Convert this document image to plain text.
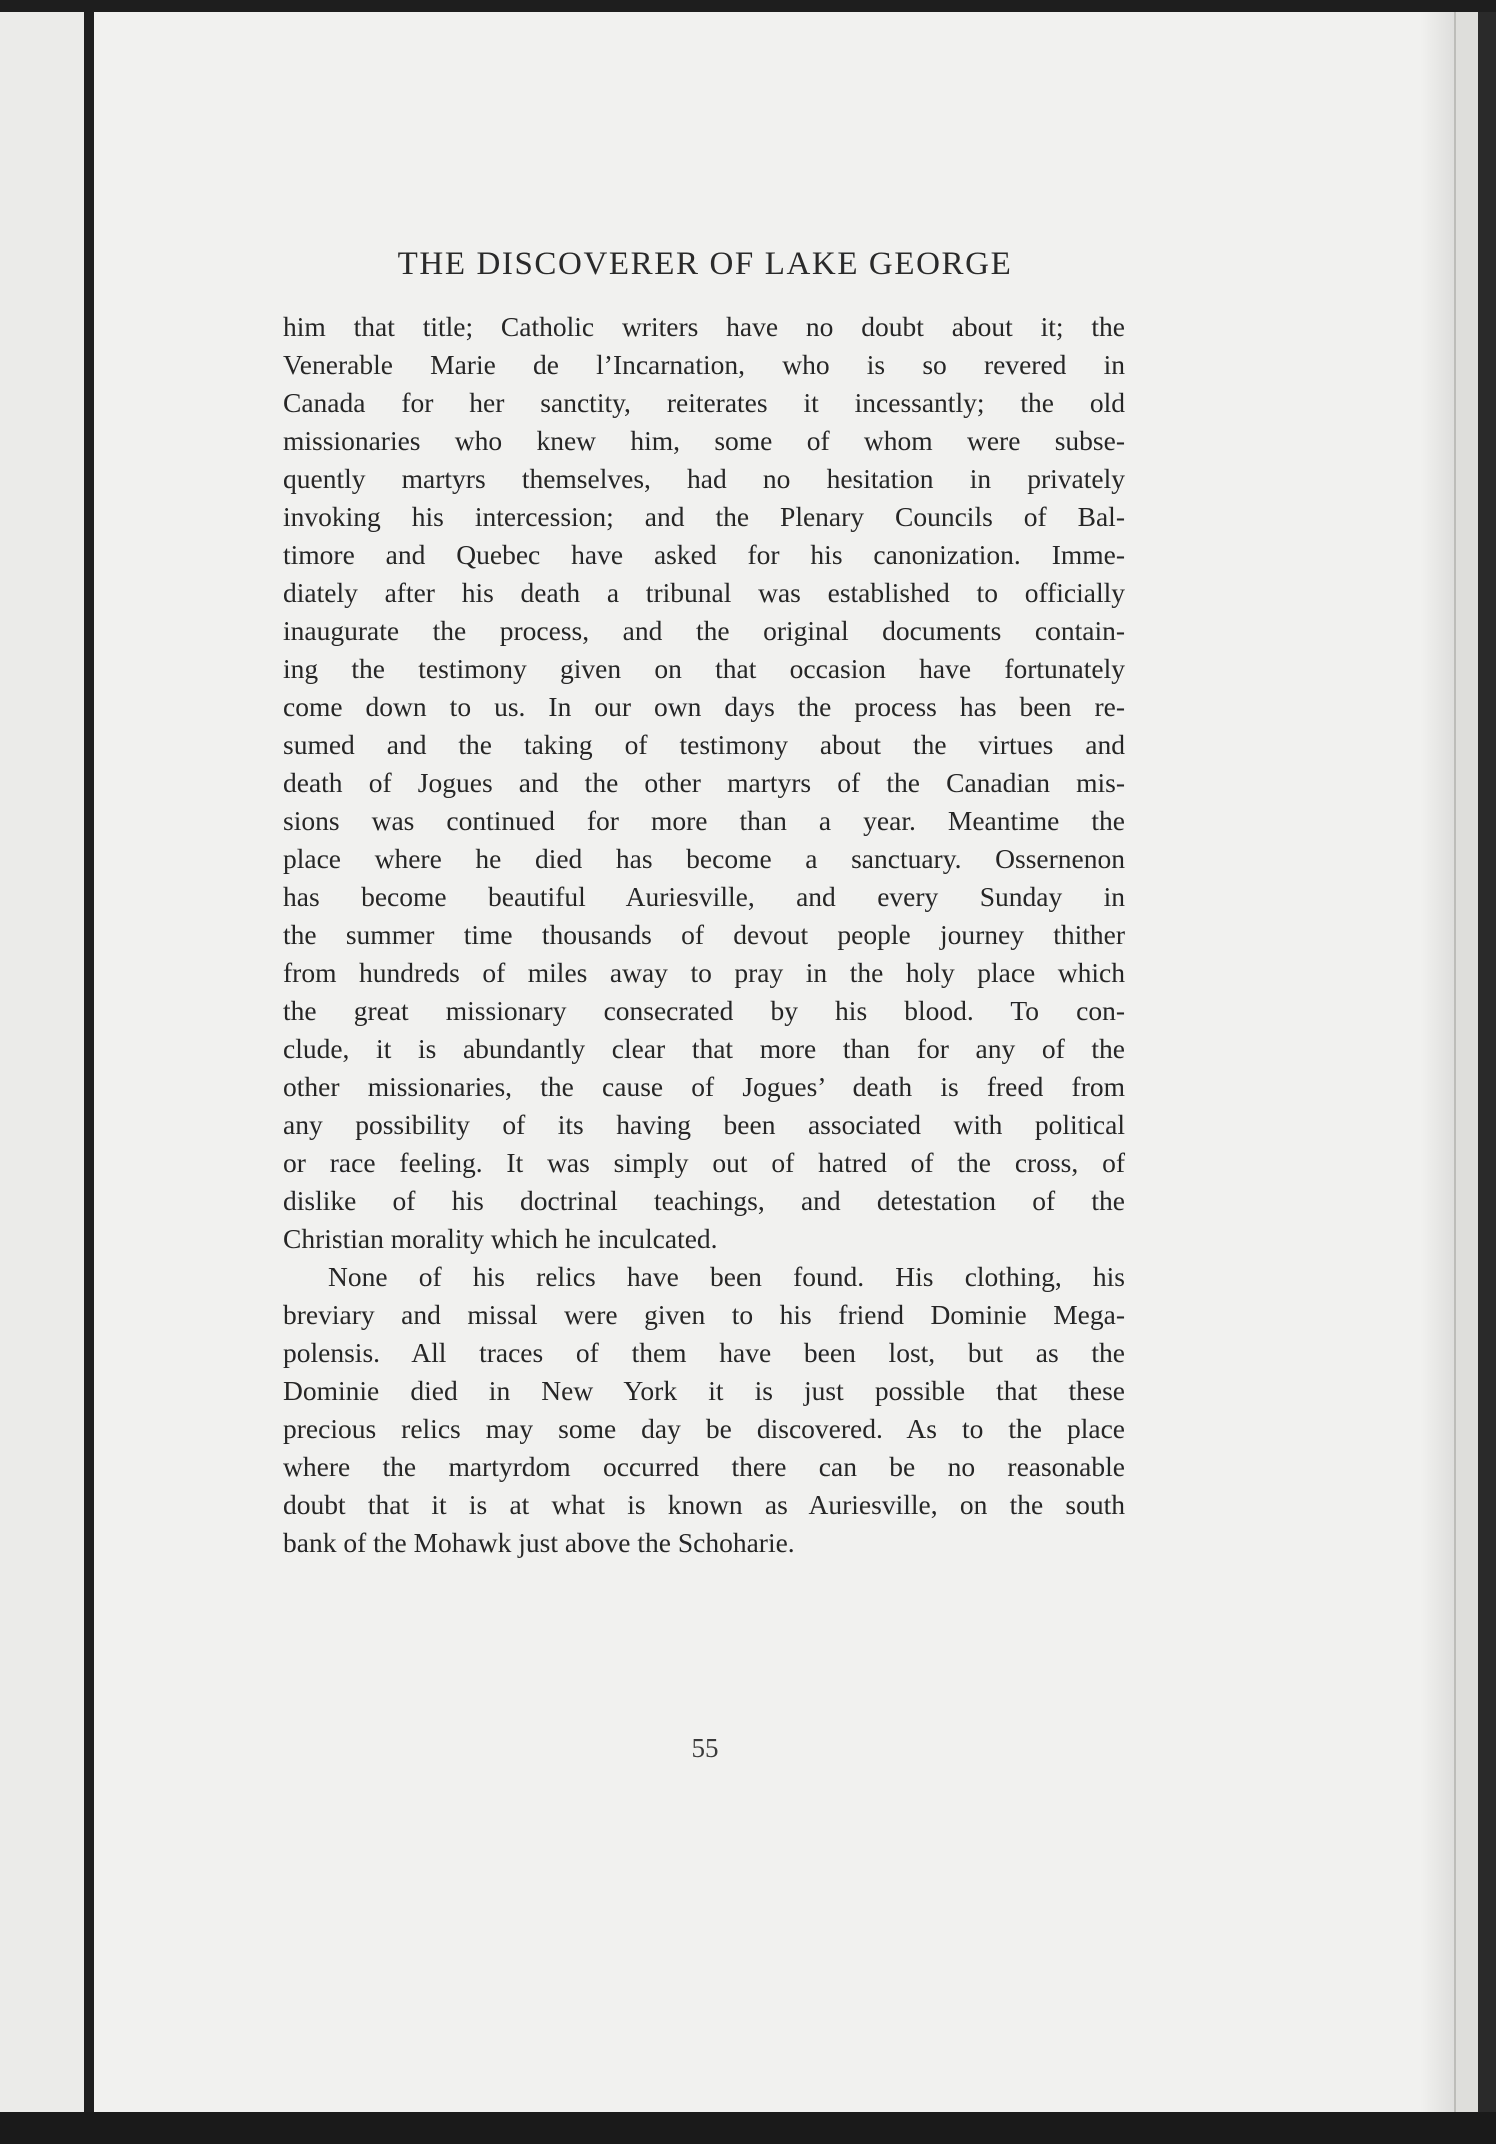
THE DISCOVERER OF LAKE GEORGE
him that title; Catholic writers have no doubt about it; the
Venerable Marie de l’Incarnation, who is so revered in
Canada for her sanctity, reiterates it incessantly; the old
missionaries who knew him, some of whom were subse-
quently martyrs themselves, had no hesitation in privately
invoking his intercession; and the Plenary Councils of Bal-
timore and Quebec have asked for his canonization. Imme-
diately after his death a tribunal was established to officially
inaugurate the process, and the original documents contain-
ing the testimony given on that occasion have fortunately
come down to us. In our own days the process has been re-
sumed and the taking of testimony about the virtues and
death of Jogues and the other martyrs of the Canadian mis-
sions was continued for more than a year. Meantime the
place where he died has become a sanctuary. Ossernenon
has become beautiful Auriesville, and every Sunday in
the summer time thousands of devout people journey thither
from hundreds of miles away to pray in the holy place which
the great missionary consecrated by his blood. To con-
clude, it is abundantly clear that more than for any of the
other missionaries, the cause of Jogues’ death is freed from
any possibility of its having been associated with political
or race feeling. It was simply out of hatred of the cross, of
dislike of his doctrinal teachings, and detestation of the
Christian morality which he inculcated.
None of his relics have been found. His clothing, his
breviary and missal were given to his friend Dominie Mega-
polensis. All traces of them have been lost, but as the
Dominie died in New York it is just possible that these
precious relics may some day be discovered. As to the place
where the martyrdom occurred there can be no reasonable
doubt that it is at what is known as Auriesville, on the south
bank of the Mohawk just above the Schoharie.
55
